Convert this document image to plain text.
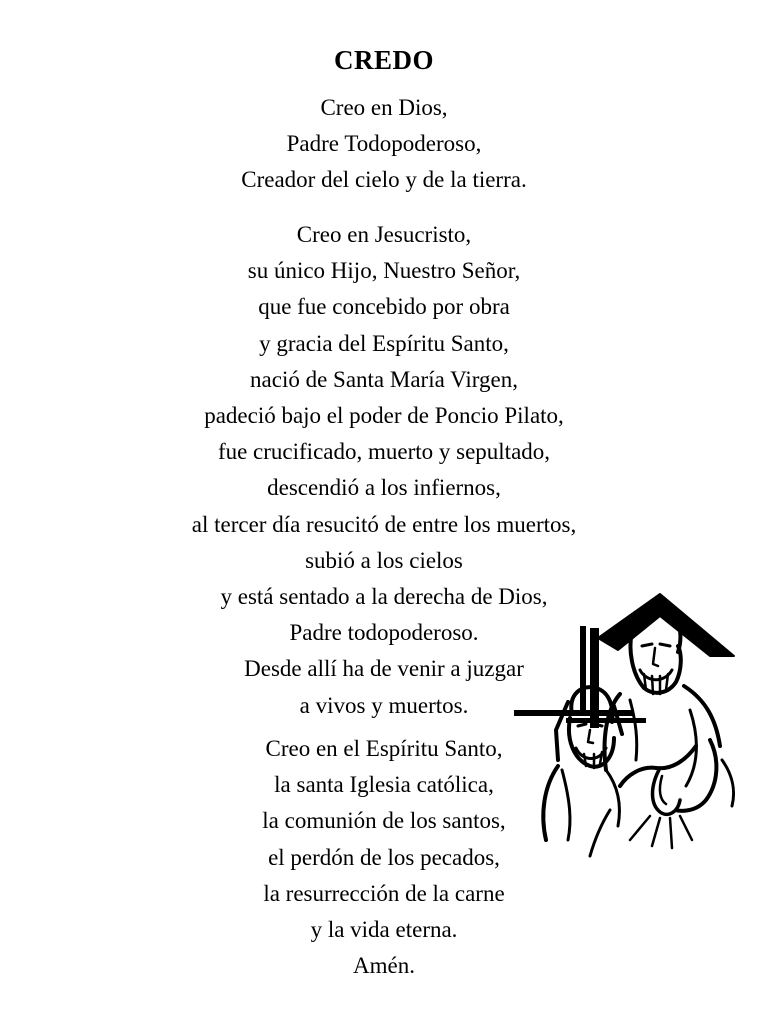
CREDO
Creo en Dios,
Padre Todopoderoso,
Creador del cielo y de la tierra.
Creo en Jesucristo,
su único Hijo, Nuestro Señor,
que fue concebido por obra
y gracia del Espíritu Santo,
nació de Santa María Virgen,
padeció bajo el poder de Poncio Pilato,
fue crucificado, muerto y sepultado,
descendió a los infiernos,
al tercer día resucitó de entre los muertos,
subió a los cielos
y está sentado a la derecha de Dios,
Padre todopoderoso.
Desde allí ha de venir a juzgar
a vivos y muertos.
Creo en el Espíritu Santo,
la santa Iglesia católica,
la comunión de los santos,
el perdón de los pecados,
la resurrección de la carne
y la vida eterna.
Amén.
